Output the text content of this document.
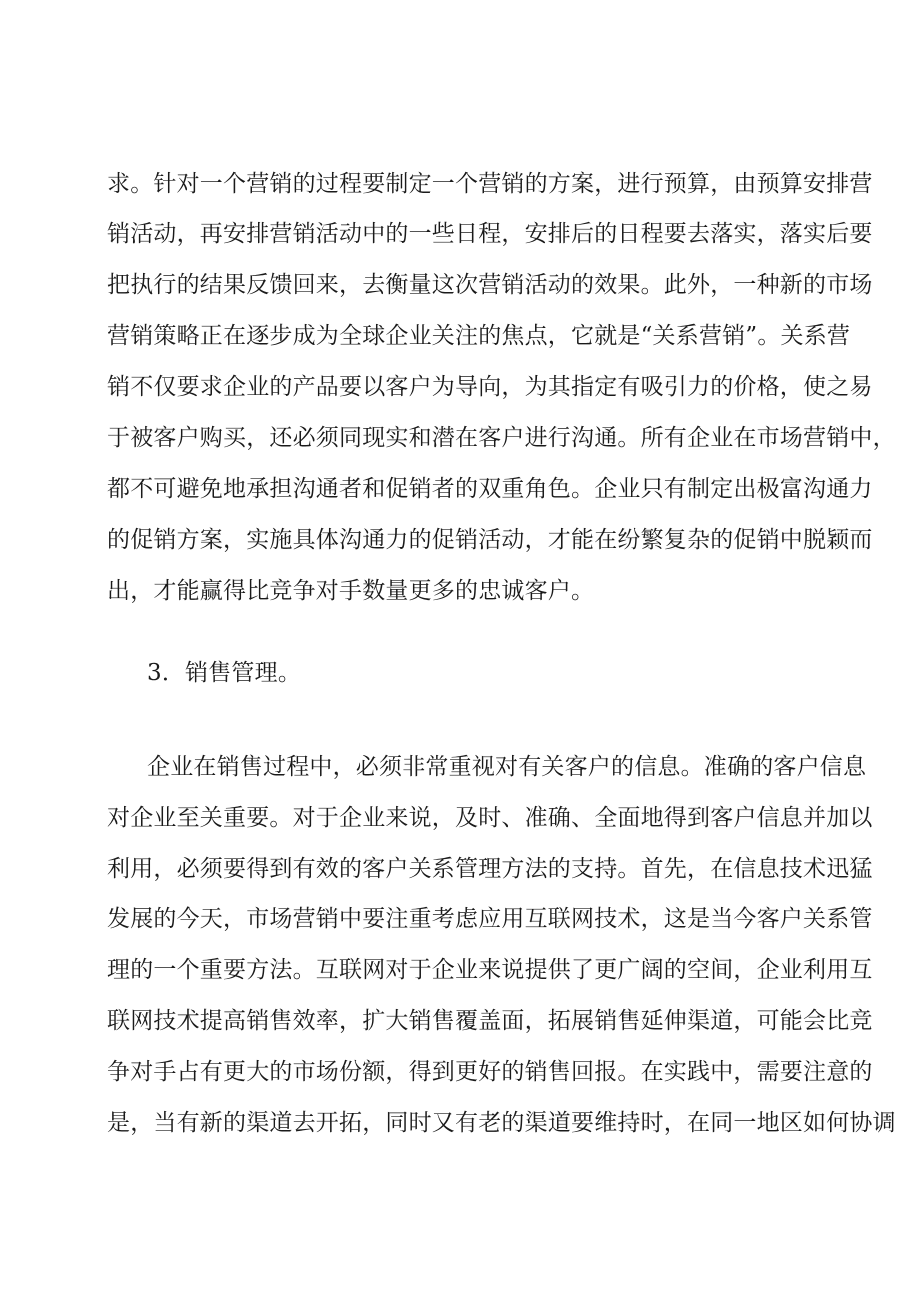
求。针对一个营销的过程要制定一个营销的方案，进行预算，由预算安排营
销活动，再安排营销活动中的一些日程，安排后的日程要去落实，落实后要
把执行的结果反馈回来，去衡量这次营销活动的效果。此外，一种新的市场
营销策略正在逐步成为全球企业关注的焦点，它就是“关系营销”。关系营
销不仅要求企业的产品要以客户为导向，为其指定有吸引力的价格，使之易
于被客户购买，还必须同现实和潜在客户进行沟通。所有企业在市场营销中，
都不可避免地承担沟通者和促销者的双重角色。企业只有制定出极富沟通力
的促销方案，实施具体沟通力的促销活动，才能在纷繁复杂的促销中脱颖而
出，才能赢得比竞争对手数量更多的忠诚客户。
3．销售管理。
企业在销售过程中，必须非常重视对有关客户的信息。准确的客户信息
对企业至关重要。对于企业来说，及时、准确、全面地得到客户信息并加以
利用，必须要得到有效的客户关系管理方法的支持。首先，在信息技术迅猛
发展的今天，市场营销中要注重考虑应用互联网技术，这是当今客户关系管
理的一个重要方法。互联网对于企业来说提供了更广阔的空间，企业利用互
联网技术提高销售效率，扩大销售覆盖面，拓展销售延伸渠道，可能会比竞
争对手占有更大的市场份额，得到更好的销售回报。在实践中，需要注意的
是，当有新的渠道去开拓，同时又有老的渠道要维持时，在同一地区如何协调
